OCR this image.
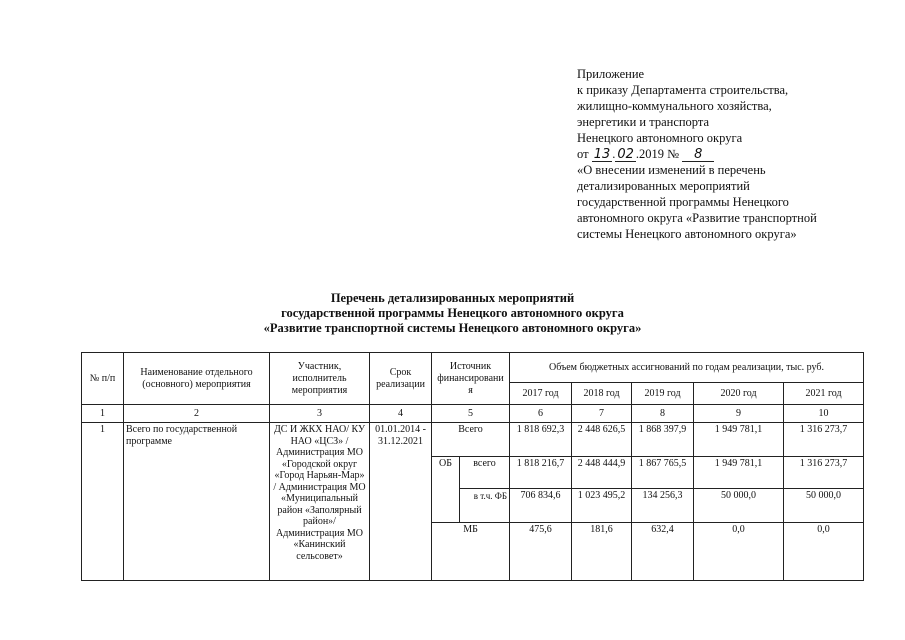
Приложение
к приказу Департамента строительства,
жилищно-коммунального хозяйства,
энергетики и транспорта
Ненецкого автономного округа
от 13 . 02 .2019 № 8
«О внесении изменений в перечень
детализированных мероприятий
государственной программы Ненецкого
автономного округа «Развитие транспортной
системы Ненецкого автономного округа»
Перечень детализированных мероприятий
государственной программы Ненецкого автономного округа
«Развитие транспортной системы Ненецкого автономного округа»
№ п/п	Наименование отдельного (основного) мероприятия	Участник, исполнитель мероприятия	Срок реализации	Источник финансировани я		Объем бюджетных ассигнований по годам реализации, тыс. руб.				
						2017 год	2018 год	2019 год	2020 год	2021 год
1	2	3	4	5		6	7	8	9	10
1	Всего по государственной программе	ДС И ЖКХ НАО/ КУ НАО «ЦСЗ» /Администрация МО «Городской округ «Город Нарьян-Мар» / Администрация МО «Муниципальный район «Заполярный район»/ Администрация МО «Канинский сельсовет»	01.01.2014 - 31.12.2021	Всего		1 818 692,3	2 448 626,5	1 868 397,9	1 949 781,1	1 316 273,7
				ОБ	всего	1 818 216,7	2 448 444,9	1 867 765,5	1 949 781,1	1 316 273,7
					в т.ч. ФБ	706 834,6	1 023 495,2	134 256,3	50 000,0	50 000,0
				МБ		475,6	181,6	632,4	0,0	0,0
